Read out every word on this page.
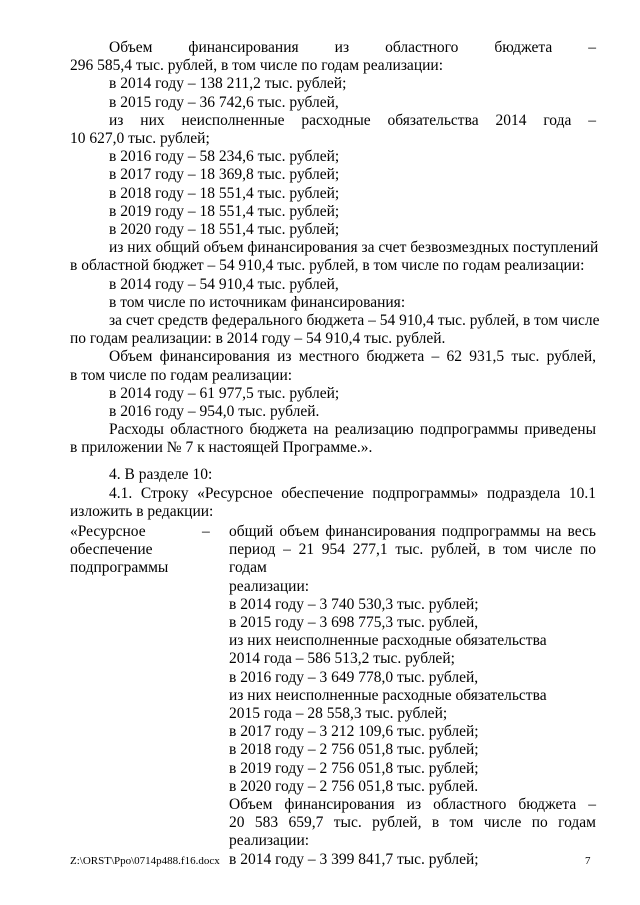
Объем финансирования из областного бюджета –
296 585,4 тыс. рублей, в том числе по годам реализации:
в 2014 году – 138 211,2 тыс. рублей;
в 2015 году – 36 742,6 тыс. рублей,
из них неисполненные расходные обязательства 2014 года –
10 627,0 тыс. рублей;
в 2016 году – 58 234,6 тыс. рублей;
в 2017 году – 18 369,8 тыс. рублей;
в 2018 году – 18 551,4 тыс. рублей;
в 2019 году – 18 551,4 тыс. рублей;
в 2020 году – 18 551,4 тыс. рублей;
из них общий объем финансирования за счет безвозмездных поступлений
в областной бюджет – 54 910,4 тыс. рублей, в том числе по годам реализации:
в 2014 году – 54 910,4 тыс. рублей,
в том числе по источникам финансирования:
за счет средств федерального бюджета – 54 910,4 тыс. рублей, в том числе
по годам реализации: в 2014 году – 54 910,4 тыс. рублей.
Объем финансирования из местного бюджета – 62 931,5 тыс. рублей,
в том числе по годам реализации:
в 2014 году – 61 977,5 тыс. рублей;
в 2016 году – 954,0 тыс. рублей.
Расходы областного бюджета на реализацию подпрограммы приведены
в приложении № 7 к настоящей Программе.».
4. В разделе 10:
4.1. Строку «Ресурсное обеспечение подпрограммы» подраздела 10.1
изложить в редакции:
«Ресурсное
обеспечение
подпрограммы
– общий объем финансирования подпрограммы на весь
период – 21 954 277,1 тыс. рублей, в том числе по годам
реализации:
в 2014 году – 3 740 530,3 тыс. рублей;
в 2015 году – 3 698 775,3 тыс. рублей,
из них неисполненные расходные обязательства
2014 года – 586 513,2 тыс. рублей;
в 2016 году – 3 649 778,0 тыс. рублей,
из них неисполненные расходные обязательства
2015 года – 28 558,3 тыс. рублей;
в 2017 году – 3 212 109,6 тыс. рублей;
в 2018 году – 2 756 051,8 тыс. рублей;
в 2019 году – 2 756 051,8 тыс. рублей;
в 2020 году – 2 756 051,8 тыс. рублей.
Объем финансирования из областного бюджета –
20 583 659,7 тыс. рублей, в том числе по годам
реализации:
в 2014 году – 3 399 841,7 тыс. рублей;
Z:\ORST\Ppo\0714p488.f16.docx	7
